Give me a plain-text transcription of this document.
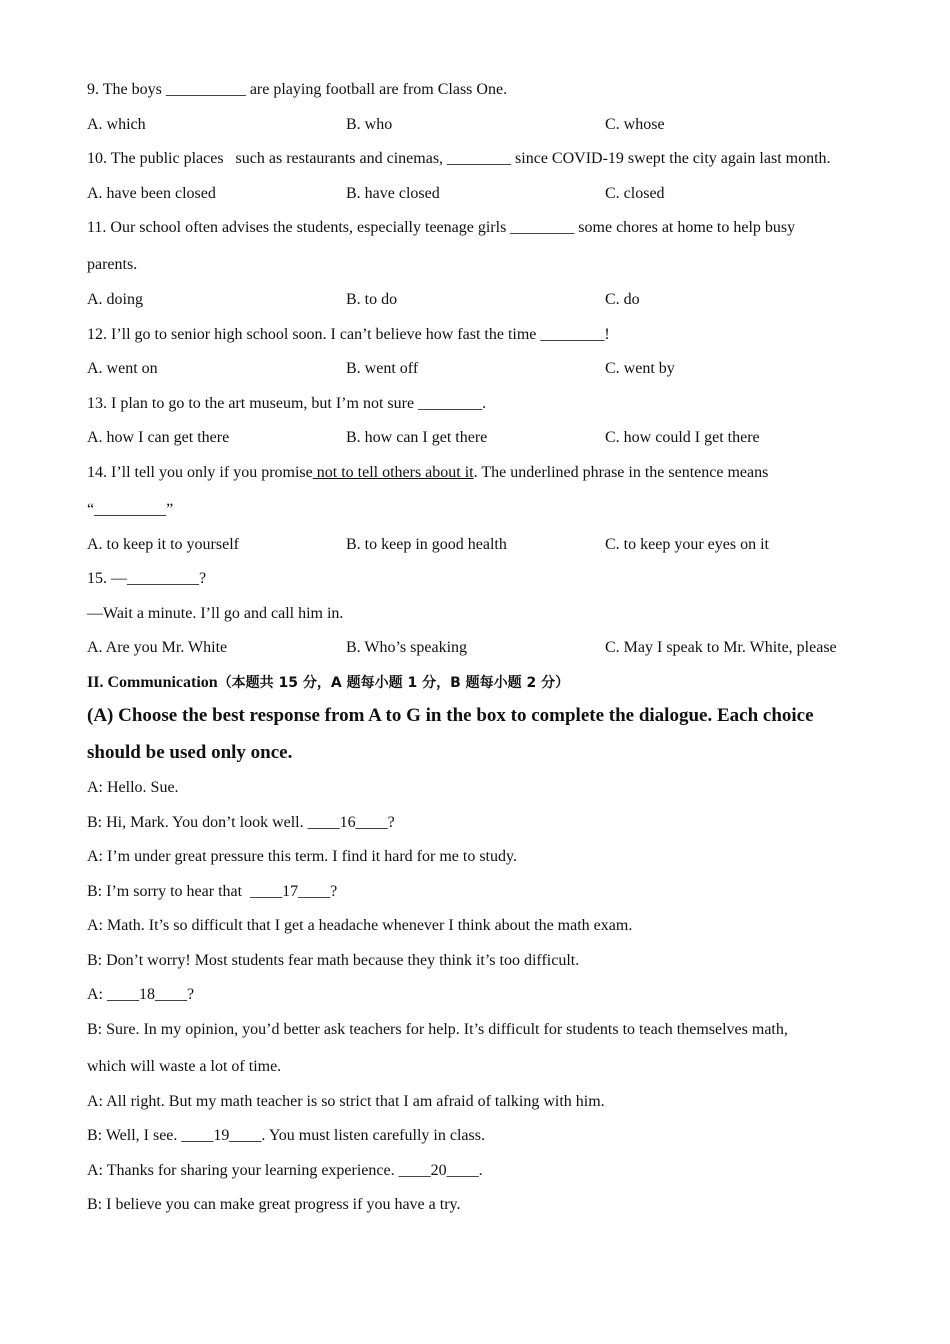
9. The boys __________ are playing football are from Class One.

A. which	B. who	C. whose

10. The public places   such as restaurants and cinemas, ________ since COVID-19 swept the city again last month.

A. have been closed	B. have closed	C. closed

11. Our school often advises the students, especially teenage girls ________ some chores at home to help busy

parents.

A. doing	B. to do	C. do

12. I’ll go to senior high school soon. I can’t believe how fast the time ________!

A. went on	B. went off	C. went by

13. I plan to go to the art museum, but I’m not sure ________.

A. how I can get there	B. how can I get there	C. how could I get there

14. I’ll tell you only if you promise not to tell others about it. The underlined phrase in the sentence means

“_________”

A. to keep it to yourself	B. to keep in good health	C. to keep your eyes on it

15. —_________?

—Wait a minute. I’ll go and call him in.

A. Are you Mr. White	B. Who’s speaking	C. May I speak to Mr. White, please
II. Communication（本题共 15 分，A 题每小题 1 分，B 题每小题 2 分）
(A) Choose the best response from A to G in the box to complete the dialogue. Each choice
should be used only once.
A: Hello. Sue.
B: Hi, Mark. You don’t look well. ____16____?
A: I’m under great pressure this term. I find it hard for me to study.
B: I’m sorry to hear that  ____17____?
A: Math. It’s so difficult that I get a headache whenever I think about the math exam.
B: Don’t worry! Most students fear math because they think it’s too difficult.
A: ____18____?
B: Sure. In my opinion, you’d better ask teachers for help. It’s difficult for students to teach themselves math,
which will waste a lot of time.
A: All right. But my math teacher is so strict that I am afraid of talking with him.
B: Well, I see. ____19____. You must listen carefully in class.
A: Thanks for sharing your learning experience. ____20____.
B: I believe you can make great progress if you have a try.
